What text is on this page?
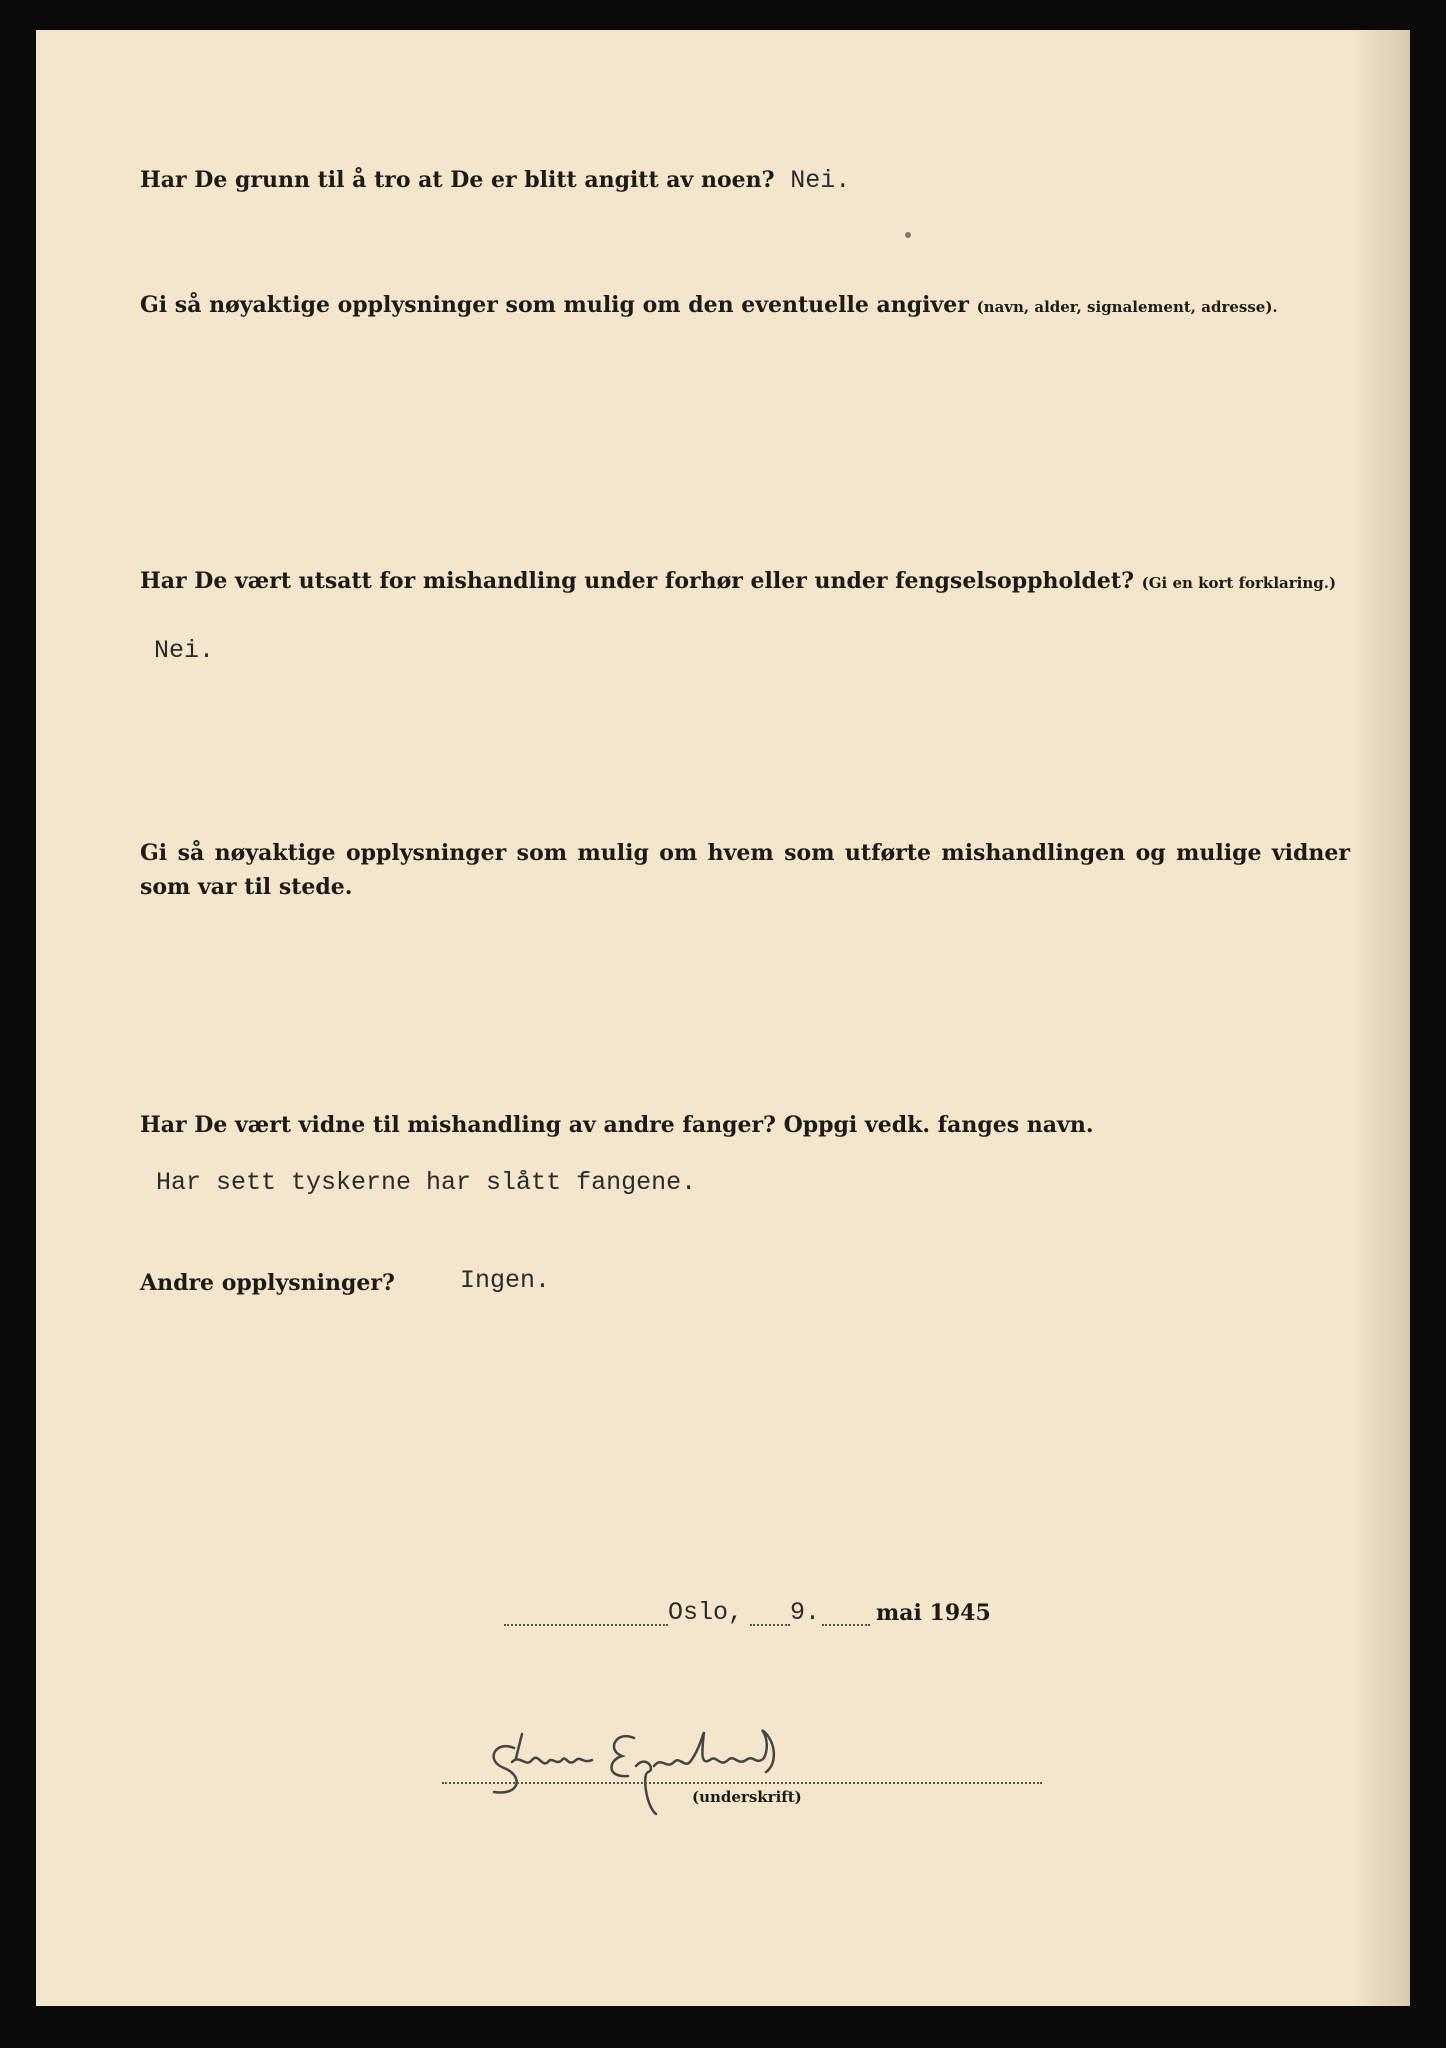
Har De grunn til å tro at De er blitt angitt av noen? Nei.
Gi så nøyaktige opplysninger som mulig om den eventuelle angiver (navn, alder, signalement, adresse).
Har De vært utsatt for mishandling under forhør eller under fengselsoppholdet? (Gi en kort forklaring.)
Nei.
Gi så nøyaktige opplysninger som mulig om hvem som utførte mishandlingen og mulige vidner som var til stede.
Har De vært vidne til mishandling av andre fanger? Oppgi vedk. fanges navn.
Har sett tyskerne har slått fangene.
Andre opplysninger?	Ingen.
Oslo, 9.	mai 1945
(underskrift)
